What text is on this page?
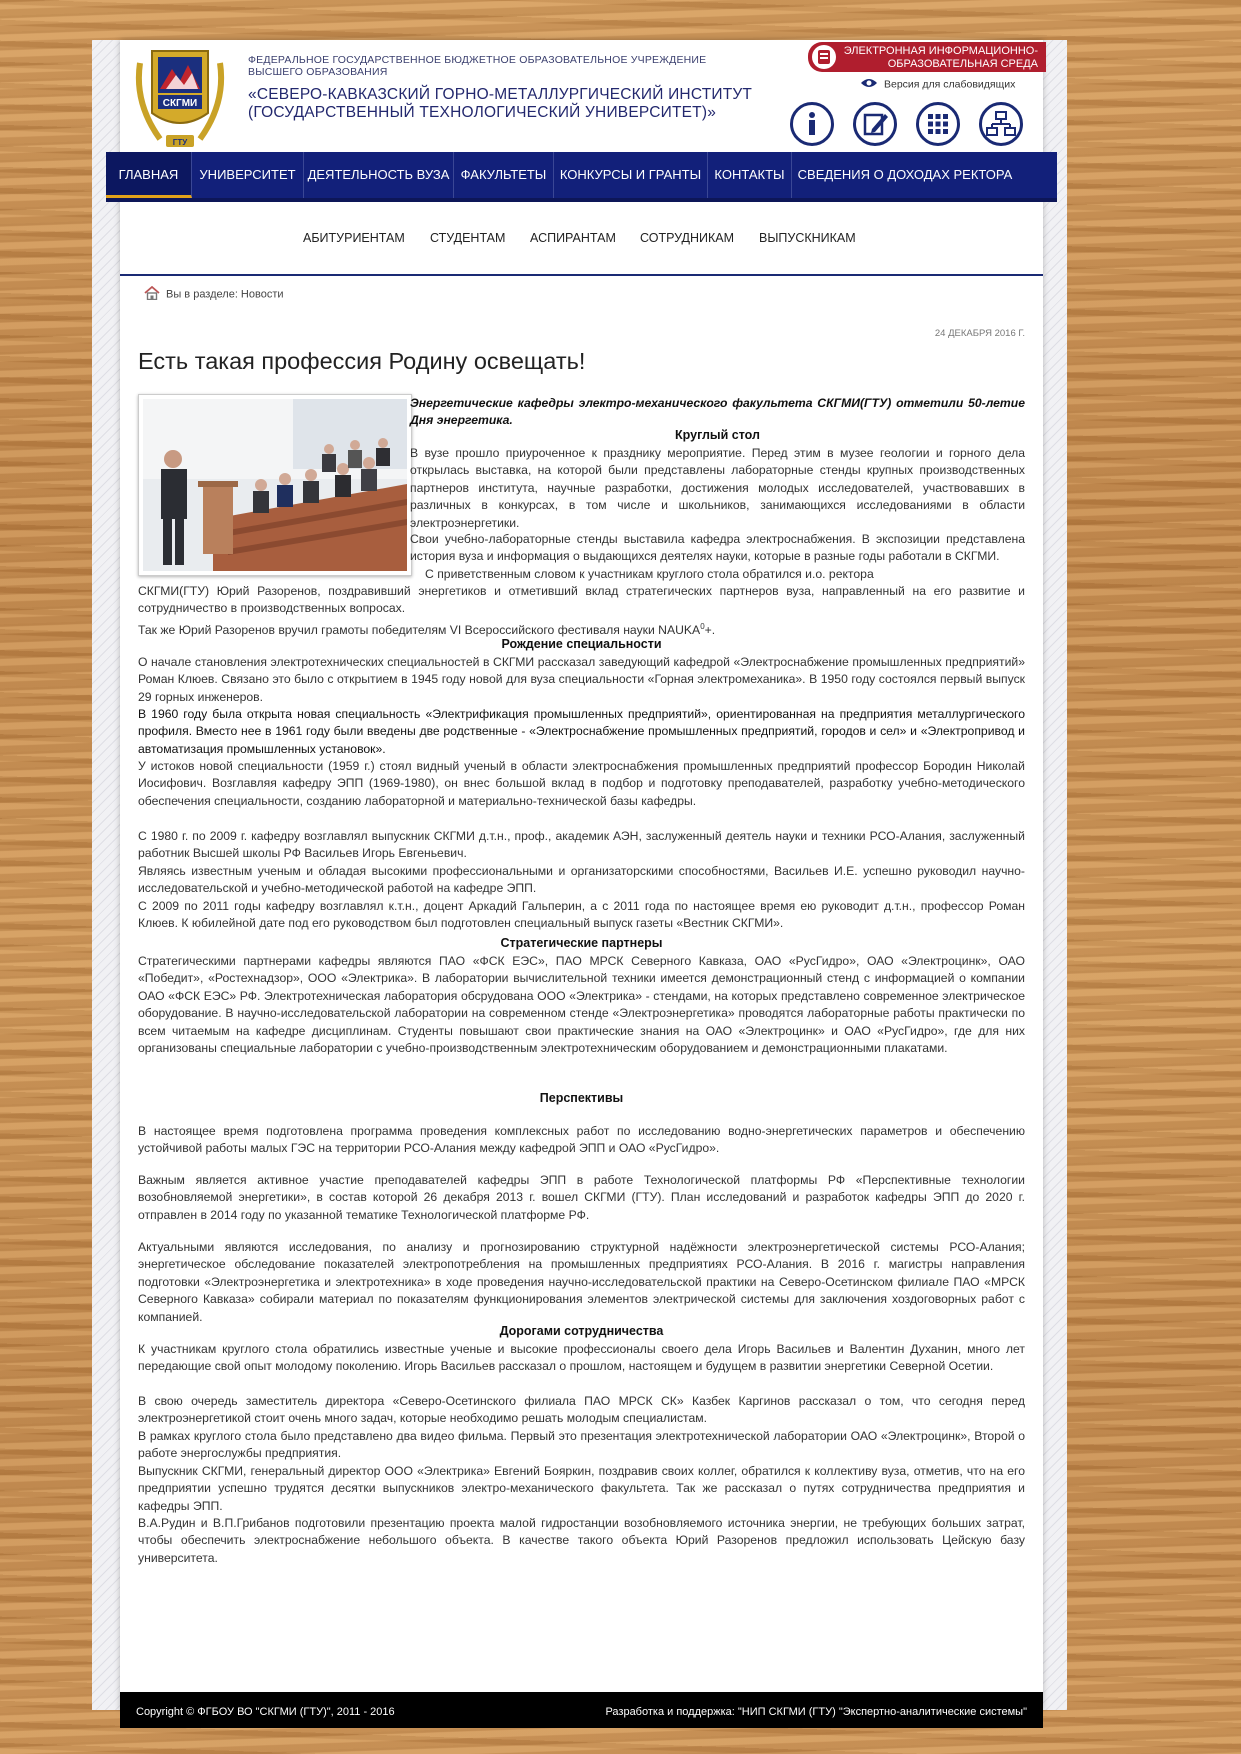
СКГМИ
ГТУ
ФЕДЕРАЛЬНОЕ ГОСУДАРСТВЕННОЕ БЮДЖЕТНОЕ ОБРАЗОВАТЕЛЬНОЕ УЧРЕЖДЕНИЕ
ВЫСШЕГО ОБРАЗОВАНИЯ
«СЕВЕРО-КАВКАЗСКИЙ ГОРНО-МЕТАЛЛУРГИЧЕСКИЙ ИНСТИТУТ
(ГОСУДАРСТВЕННЫЙ ТЕХНОЛОГИЧЕСКИЙ УНИВЕРСИТЕТ)»
ЭЛЕКТРОННАЯ ИНФОРМАЦИОННО-
ОБРАЗОВАТЕЛЬНАЯ СРЕДА
Версия для слабовидящих
ГЛАВНАЯ	УНИВЕРСИТЕТ ДЕЯТЕЛЬНОСТЬ ВУЗА ФАКУЛЬТЕТЫ	КОНКУРСЫ И ГРАНТЫ	КОНТАКТЫ	СВЕДЕНИЯ О ДОХОДАХ РЕКТОРА
АБИТУРИЕНТАМ СТУДЕНТАМ АСПИРАНТАМ СОТРУДНИКАМ ВЫПУСКНИКАМ
Вы в разделе: Новости
24 ДЕКАБРЯ 2016 Г.
Есть такая профессия Родину освещать!
Энергетические кафедры электро-механического факультета СКГМИ(ГТУ) отметили 50-летие Дня энергетика.
Круглый стол
В вузе прошло приуроченное к празднику мероприятие. Перед этим в музее геологии и горного дела открылась выставка, на которой были представлены лабораторные стенды крупных производственных партнеров института, научные разработки, достижения молодых исследователей, участвовавших в различных в конкурсах, в том числе и школьников, занимающихся исследованиями в области электроэнергетики.
Свои учебно-лабораторные стенды выставила кафедра электроснабжения. В экспозиции представлена история вуза и информация о выдающихся деятелях науки, которые в разные годы работали в СКГМИ.
С приветственным словом к участникам круглого стола обратился и.о. ректора
СКГМИ(ГТУ) Юрий Разоренов, поздравивший энергетиков и отметивший вклад стратегических партнеров вуза, направленный на его развитие и сотрудничество в производственных вопросах.
Так же Юрий Разоренов вручил грамоты победителям VI Всероссийского фестиваля науки $NAUKA^0+$.
Рождение специальности
О начале становления электротехнических специальностей в СКГМИ рассказал заведующий кафедрой «Электроснабжение промышленных предприятий» Роман Клюев. Связано это было с открытием в 1945 году новой для вуза специальности «Горная электромеханика». В 1950 году состоялся первый выпуск 29 горных инженеров.
В 1960 году была открыта новая специальность «Электрификация промышленных предприятий», ориентированная на предприятия металлургического профиля. Вместо нее в 1961 году были введены две родственные - «Электроснабжение промышленных предприятий, городов и сел» и «Электропривод и автоматизация промышленных установок».
У истоков новой специальности (1959 г.) стоял видный ученый в области электроснабжения промышленных предприятий профессор Бородин Николай Иосифович. Возглавляя кафедру ЭПП (1969-1980), он внес большой вклад в подбор и подготовку преподавателей, разработку учебно-методического обеспечения специальности, созданию лабораторной и материально-технической базы кафедры.
С 1980 г. по 2009 г. кафедру возглавлял выпускник СКГМИ д.т.н., проф., академик АЭН, заслуженный деятель науки и техники РСО-Алания, заслуженный работник Высшей школы РФ Васильев Игорь Евгеньевич.
Являясь известным ученым и обладая высокими профессиональными и организаторскими способностями, Васильев И.Е. успешно руководил научно-исследовательской и учебно-методической работой на кафедре ЭПП.
С 2009 по 2011 годы кафедру возглавлял к.т.н., доцент Аркадий Гальперин, а с 2011 года по настоящее время ею руководит д.т.н., профессор Роман Клюев. К юбилейной дате под его руководством был подготовлен специальный выпуск газеты «Вестник СКГМИ».
Стратегические партнеры
Стратегическими партнерами кафедры являются ПАО «ФСК ЕЭС», ПАО МРСК Северного Кавказа, ОАО «РусГидро», ОАО «Электроцинк», ОАО «Победит», «Ростехнадзор», ООО «Электрика». В лаборатории вычислительной техники имеется демонстрационный стенд с информацией о компании ОАО «ФСК ЕЭС» РФ. Электротехническая лаборатория обсрудована ООО «Электрика» - стендами, на которых представлено современное электрическое оборудование. В научно-исследовательской лаборатории на современном стенде «Электроэнергетика» проводятся лабораторные работы практически по всем читаемым на кафедре дисциплинам. Студенты повышают свои практические знания на ОАО «Электроцинк» и ОАО «РусГидро», где для них организованы специальные лаборатории с учебно-производственным электротехническим оборудованием и демонстрационными плакатами.
Перспективы
В настоящее время подготовлена программа проведения комплексных работ по исследованию водно-энергетических параметров и обеспечению устойчивой работы малых ГЭС на территории РСО-Алания между кафедрой ЭПП и ОАО «РусГидро».
Важным является активное участие преподавателей кафедры ЭПП в работе Технологической платформы РФ «Перспективные технологии возобновляемой энергетики», в состав которой 26 декабря 2013 г. вошел СКГМИ (ГТУ). План исследований и разработок кафедры ЭПП до 2020 г. отправлен в 2014 году по указанной тематике Технологической платформе РФ.
Актуальными являются исследования, по анализу и прогнозированию структурной надёжности электроэнергетической системы РСО-Алания; энергетическое обследование показателей электропотребления на промышленных предприятиях РСО-Алания. В 2016 г. магистры направления подготовки «Электроэнергетика и электротехника» в ходе проведения научно-исследовательской практики на Северо-Осетинском филиале ПАО «МРСК Северного Кавказа» собирали материал по показателям функционирования элементов электрической системы для заключения хоздоговорных работ с компанией.
Дорогами сотрудничества
К участникам круглого стола обратились известные ученые и высокие профессионалы своего дела Игорь Васильев и Валентин Духанин, много лет передающие свой опыт молодому поколению. Игорь Васильев рассказал о прошлом, настоящем и будущем в развитии энергетики Северной Осетии.
В свою очередь заместитель директора «Северо-Осетинского филиала ПАО МРСК СК» Казбек Каргинов рассказал о том, что сегодня перед электроэнергетикой стоит очень много задач, которые необходимо решать молодым специалистам.
В рамках круглого стола было представлено два видео фильма. Первый это презентация электротехнической лаборатории ОАО «Электроцинк», Второй о работе энергослужбы предприятия.
Выпускник СКГМИ, генеральный директор ООО «Электрика» Евгений Бояркин, поздравив своих коллег, обратился к коллективу вуза, отметив, что на его предприятии успешно трудятся десятки выпускников электро-механического факультета. Так же рассказал о путях сотрудничества предприятия и кафедры ЭПП.
В.А.Рудин и В.П.Грибанов подготовили презентацию проекта малой гидростанции возобновляемого источника энергии, не требующих больших затрат, чтобы обеспечить электроснабжение небольшого объекта. В качестве такого объекта Юрий Разоренов предложил использовать Цейскую базу университета.
Copyright © ФГБОУ ВО "СКГМИ (ГТУ)", 2011 - 2016	Разработка и поддержка: "НИП СКГМИ (ГТУ) "Экспертно-аналитические системы"
